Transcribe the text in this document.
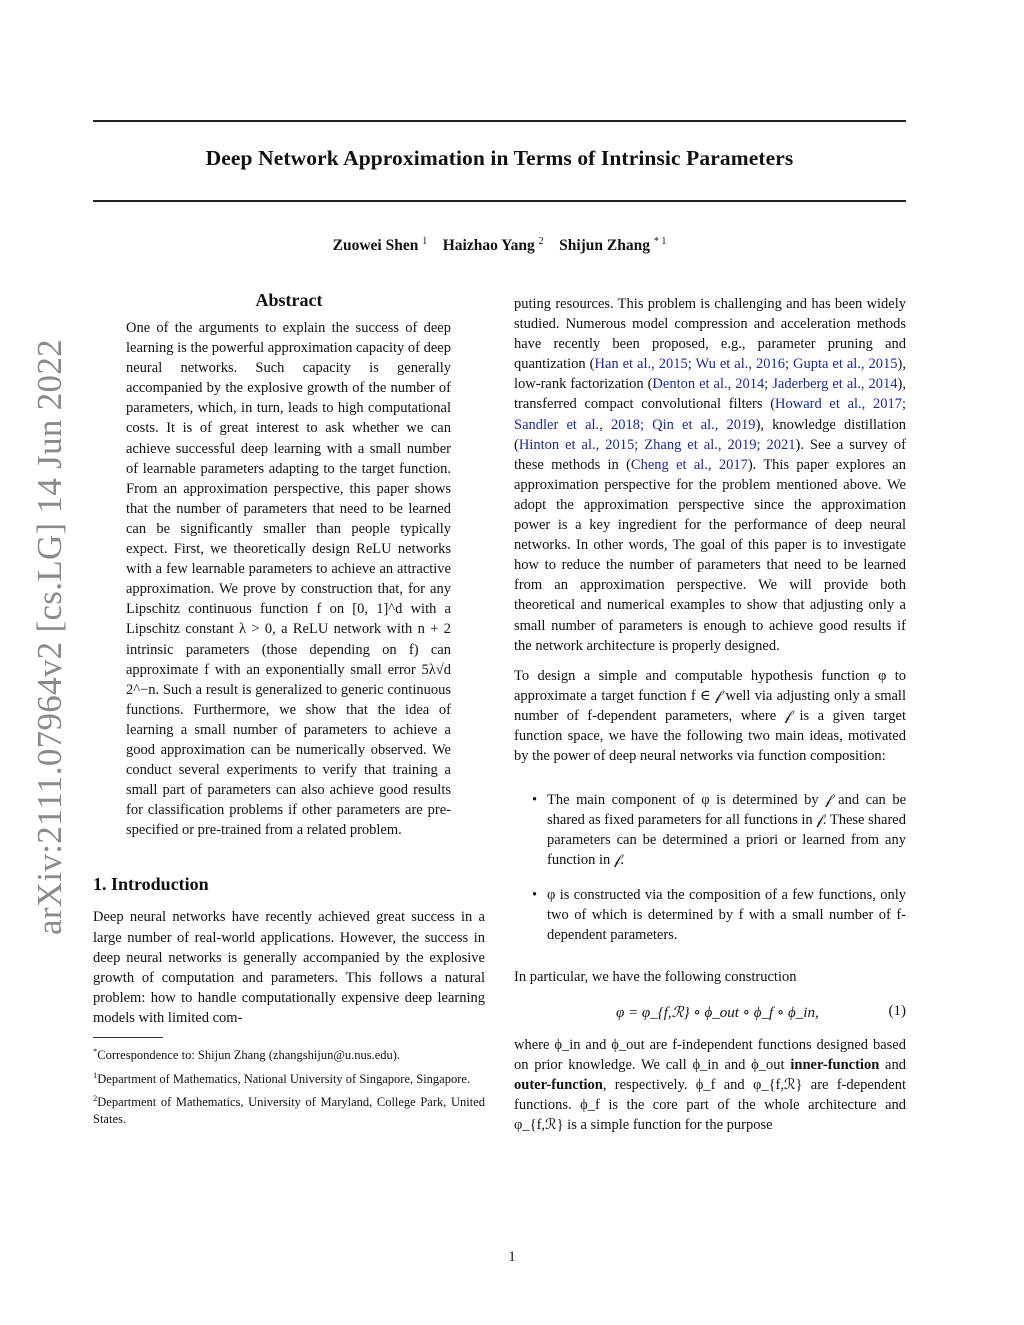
Deep Network Approximation in Terms of Intrinsic Parameters
Zuowei Shen $^1$ Haizhao Yang $^2$ Shijun Zhang $^{* 1}$
arXiv:2111.07964v2 [cs.LG] 14 Jun 2022
Abstract

One of the arguments to explain the success of deep learning is the powerful approximation capacity of deep neural networks. Such capacity is generally accompanied by the explosive growth of the number of parameters, which, in turn, leads to high computational costs. It is of great interest to ask whether we can achieve successful deep learning with a small number of learnable parameters adapting to the target function. From an approximation perspective, this paper shows that the number of parameters that need to be learned can be significantly smaller than people typically expect. First, we theoretically design ReLU networks with a few learnable parameters to achieve an attractive approximation. We prove by construction that, for any Lipschitz continuous function f on [0, 1]^d with a Lipschitz constant λ > 0, a ReLU network with n + 2 intrinsic parameters (those depending on f) can approximate f with an exponentially small error 5λ√d 2^−n. Such a result is generalized to generic continuous functions. Furthermore, we show that the idea of learning a small number of parameters to achieve a good approximation can be numerically observed. We conduct several experiments to verify that training a small part of parameters can also achieve good results for classification problems if other parameters are pre-specified or pre-trained from a related problem.

1. Introduction

Deep neural networks have recently achieved great success in a large number of real-world applications. However, the success in deep neural networks is generally accompanied by the explosive growth of computation and parameters. This follows a natural problem: how to handle computationally expensive deep learning models with limited com-

*Correspondence to: Shijun Zhang (zhangshijun@u.nus.edu).

$^1$Department of Mathematics, National University of Singapore, Singapore.

$^2$Department of Mathematics, University of Maryland, College Park, United States.

puting resources. This problem is challenging and has been widely studied. Numerous model compression and acceleration methods have recently been proposed, e.g., parameter pruning and quantization (Han et al., 2015; Wu et al., 2016; Gupta et al., 2015), low-rank factorization (Denton et al., 2014; Jaderberg et al., 2014), transferred compact convolutional filters (Howard et al., 2017; Sandler et al., 2018; Qin et al., 2019), knowledge distillation (Hinton et al., 2015; Zhang et al., 2019; 2021). See a survey of these methods in (Cheng et al., 2017). This paper explores an approximation perspective for the problem mentioned above. We adopt the approximation perspective since the approximation power is a key ingredient for the performance of deep neural networks. In other words, The goal of this paper is to investigate how to reduce the number of parameters that need to be learned from an approximation perspective. We will provide both theoretical and numerical examples to show that adjusting only a small number of parameters is enough to achieve good results if the network architecture is properly designed.

To design a simple and computable hypothesis function φ to approximate a target function f ∈ 𝒻 well via adjusting only a small number of f-dependent parameters, where 𝒻 is a given target function space, we have the following two main ideas, motivated by the power of deep neural networks via function composition:

• The main component of φ is determined by 𝒻 and can be shared as fixed parameters for all functions in 𝒻. These shared parameters can be determined a priori or learned from any function in 𝒻.
• φ is constructed via the composition of a few functions, only two of which is determined by f with a small number of f-dependent parameters.

In particular, we have the following construction

φ = φ_{f,ℛ} ∘ ϕ_out ∘ ϕ_f ∘ ϕ_in,	(1)

where ϕ_in and ϕ_out are f-independent functions designed based on prior knowledge. We call ϕ_in and ϕ_out inner-function and outer-function, respectively. ϕ_f and φ_{f,ℛ} are f-dependent functions. ϕ_f is the core part of the whole architecture and φ_{f,ℛ} is a simple function for the purpose

1
